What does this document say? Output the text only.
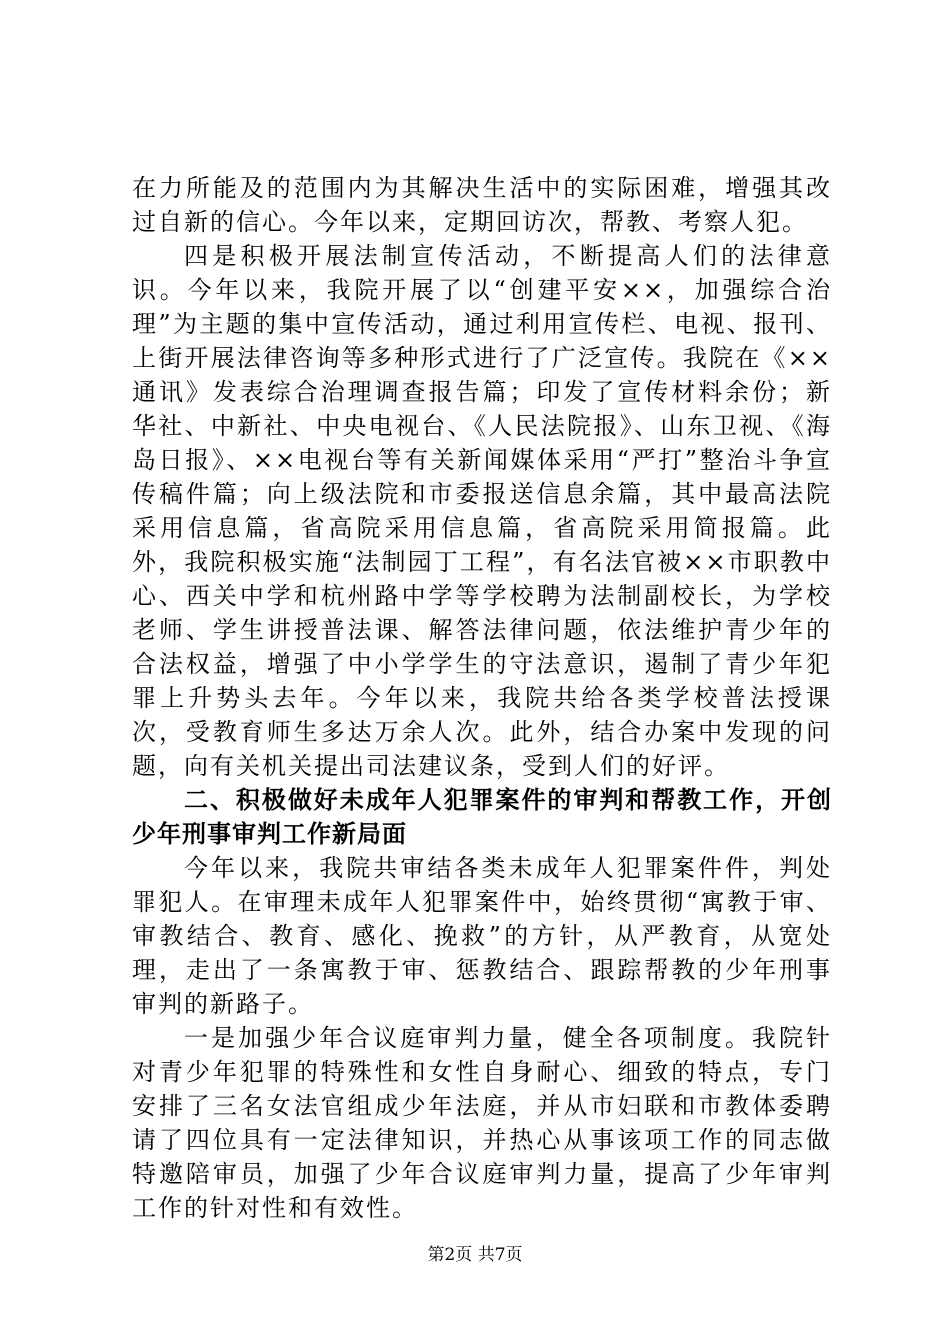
在力所能及的范围内为其解决生活中的实际困难，增强其改过自新的信心。今年以来，定期回访次，帮教、考察人犯。

四是积极开展法制宣传活动，不断提高人们的法律意识。今年以来，我院开展了以“创建平安××，加强综合治理”为主题的集中宣传活动，通过利用宣传栏、电视、报刊、上街开展法律咨询等多种形式进行了广泛宣传。我院在《××通讯》发表综合治理调查报告篇；印发了宣传材料余份；新华社、中新社、中央电视台、《人民法院报》、山东卫视、《海岛日报》、××电视台等有关新闻媒体采用“严打”整治斗争宣传稿件篇；向上级法院和市委报送信息余篇，其中最高法院采用信息篇，省高院采用信息篇，省高院采用简报篇。此外，我院积极实施“法制园丁工程”，有名法官被××市职教中心、西关中学和杭州路中学等学校聘为法制副校长，为学校老师、学生讲授普法课、解答法律问题，依法维护青少年的合法权益，增强了中小学学生的守法意识，遏制了青少年犯罪上升势头去年。今年以来，我院共给各类学校普法授课次，受教育师生多达万余人次。此外，结合办案中发现的问题，向有关机关提出司法建议条，受到人们的好评。

二、积极做好未成年人犯罪案件的审判和帮教工作，开创少年刑事审判工作新局面

今年以来，我院共审结各类未成年人犯罪案件件，判处罪犯人。在审理未成年人犯罪案件中，始终贯彻“寓教于审、审教结合、教育、感化、挽救”的方针，从严教育，从宽处理，走出了一条寓教于审、惩教结合、跟踪帮教的少年刑事审判的新路子。

一是加强少年合议庭审判力量，健全各项制度。我院针对青少年犯罪的特殊性和女性自身耐心、细致的特点，专门安排了三名女法官组成少年法庭，并从市妇联和市教体委聘请了四位具有一定法律知识，并热心从事该项工作的同志做特邀陪审员，加强了少年合议庭审判力量，提高了少年审判工作的针对性和有效性。

第2页 共7页
